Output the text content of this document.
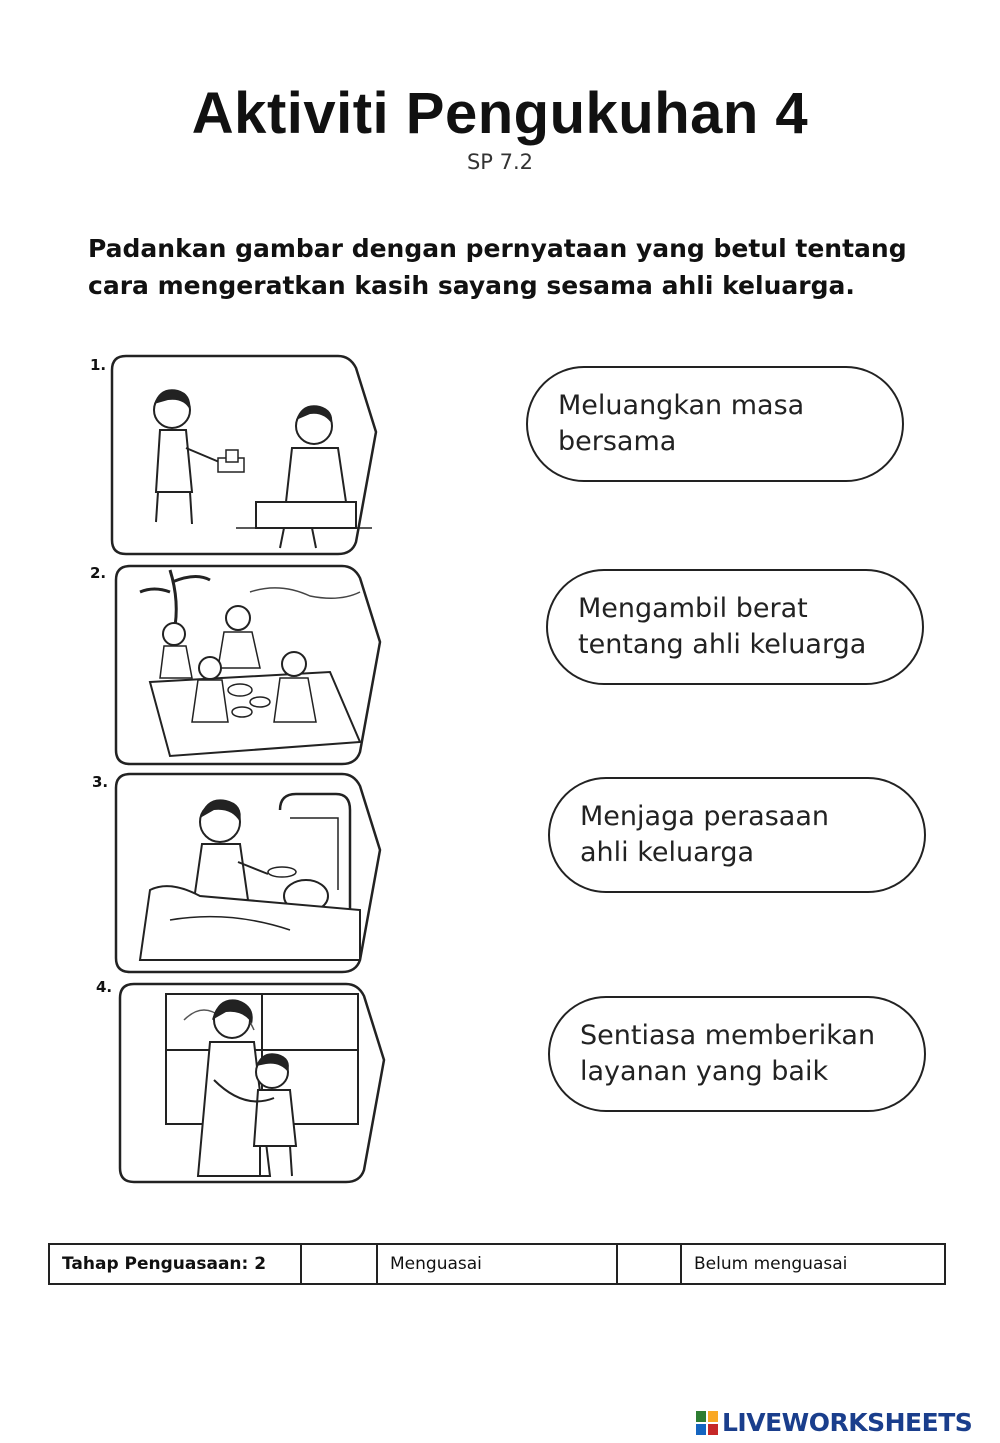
Aktiviti Pengukuhan 4
SP 7.2
Padankan gambar dengan pernyataan yang betul tentang
cara mengeratkan kasih sayang sesama ahli keluarga.
1.
2.
3.
4.
Meluangkan masa
bersama
Mengambil berat
tentang ahli keluarga
Menjaga perasaan
ahli keluarga
Sentiasa memberikan
layanan yang baik
Tahap Penguasaan: 2		Menguasai		Belum menguasai
LIVEWORKSHEETS
